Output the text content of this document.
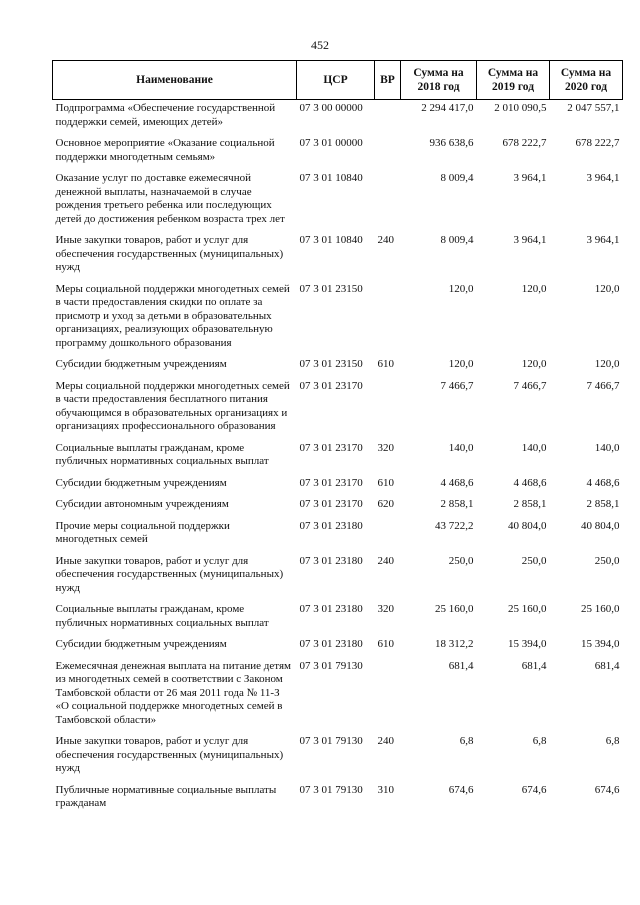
452
Наименование	ЦСР	ВР	Сумма на 2018 год	Сумма на 2019 год	Сумма на 2020 год
Подпрограмма «Обеспечение государственной поддержки семей, имеющих детей»	07 3 00 00000		2 294 417,0	2 010 090,5	2 047 557,1
Основное мероприятие «Оказание социальной поддержки многодетным семьям»	07 3 01 00000		936 638,6	678 222,7	678 222,7
Оказание услуг по доставке ежемесячной денежной выплаты, назначаемой в случае рождения третьего ребенка или последующих детей до достижения ребенком возраста трех лет	07 3 01 10840		8 009,4	3 964,1	3 964,1
Иные закупки товаров, работ и услуг для обеспечения государственных (муниципальных) нужд	07 3 01 10840	240	8 009,4	3 964,1	3 964,1
Меры социальной поддержки многодетных семей в части предоставления скидки по оплате за присмотр и уход за детьми в образовательных организациях, реализующих образовательную программу дошкольного образования	07 3 01 23150		120,0	120,0	120,0
Субсидии бюджетным учреждениям	07 3 01 23150	610	120,0	120,0	120,0
Меры социальной поддержки многодетных семей в части предоставления бесплатного питания обучающимся в образовательных организациях и организациях профессионального образования	07 3 01 23170		7 466,7	7 466,7	7 466,7
Социальные выплаты гражданам, кроме публичных нормативных социальных выплат	07 3 01 23170	320	140,0	140,0	140,0
Субсидии бюджетным учреждениям	07 3 01 23170	610	4 468,6	4 468,6	4 468,6
Субсидии автономным учреждениям	07 3 01 23170	620	2 858,1	2 858,1	2 858,1
Прочие меры социальной поддержки многодетных семей	07 3 01 23180		43 722,2	40 804,0	40 804,0
Иные закупки товаров, работ и услуг для обеспечения государственных (муниципальных) нужд	07 3 01 23180	240	250,0	250,0	250,0
Социальные выплаты гражданам, кроме публичных нормативных социальных выплат	07 3 01 23180	320	25 160,0	25 160,0	25 160,0
Субсидии бюджетным учреждениям	07 3 01 23180	610	18 312,2	15 394,0	15 394,0
Ежемесячная денежная выплата на питание детям из многодетных семей в соответствии с Законом Тамбовской области от 26 мая 2011 года № 11-З «О социальной поддержке многодетных семей в Тамбовской области»	07 3 01 79130		681,4	681,4	681,4
Иные закупки товаров, работ и услуг для обеспечения государственных (муниципальных) нужд	07 3 01 79130	240	6,8	6,8	6,8
Публичные нормативные социальные выплаты гражданам	07 3 01 79130	310	674,6	674,6	674,6
